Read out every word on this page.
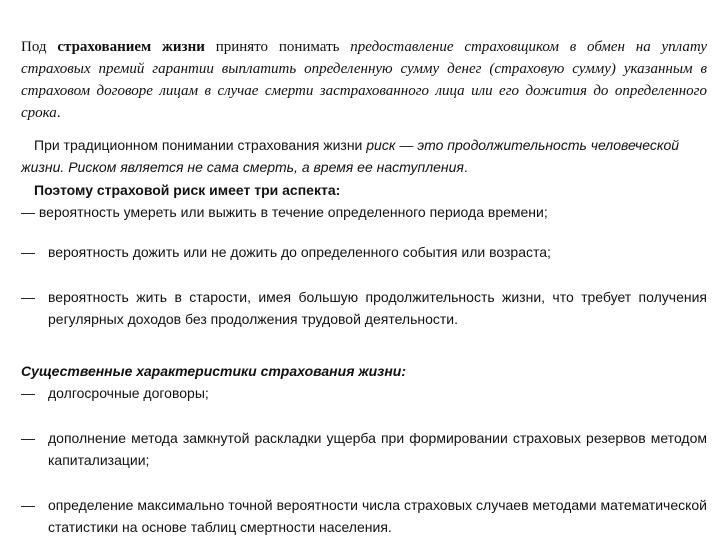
Под страхованием жизни принято понимать предоставление страховщиком в обмен на уплату страховых премий гарантии выплатить определенную сумму денег (страховую сумму) указанным в страховом договоре лицам в случае смерти застрахованного лица или его дожития до определенного срока.

При традиционном понимании страхования жизни риск — это продолжительность человеческой жизни. Риском является не сама смерть, а время ее наступления.

Поэтому страховой риск имеет три аспекта:

— вероятность умереть или выжить в течение определенного периода времени;

— вероятность дожить или не дожить до определенного события или возраста;

— вероятность жить в старости, имея большую продолжительность жизни, что требует получения регулярных доходов без продолжения трудовой деятельности.

Существенные характеристики страхования жизни:

— долгосрочные договоры;

— дополнение метода замкнутой раскладки ущерба при формировании страховых резервов методом капитализации;

— определение максимально точной вероятности числа страховых случаев методами математической статистики на основе таблиц смертности населения.
